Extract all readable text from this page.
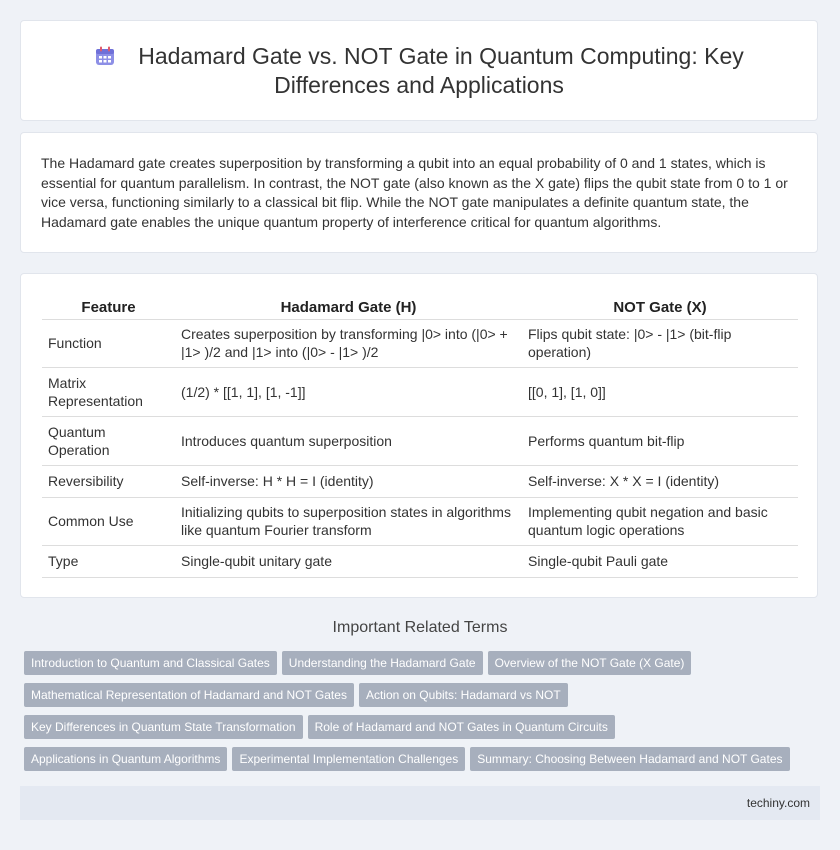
Hadamard Gate vs. NOT Gate in Quantum Computing: Key Differences and Applications

The Hadamard gate creates superposition by transforming a qubit into an equal probability of 0 and 1 states, which is essential for quantum parallelism. In contrast, the NOT gate (also known as the X gate) flips the qubit state from 0 to 1 or vice versa, functioning similarly to a classical bit flip. While the NOT gate manipulates a definite quantum state, the Hadamard gate enables the unique quantum property of interference critical for quantum algorithms.

Feature	Hadamard Gate (H)	NOT Gate (X)
Function	Creates superposition by transforming |0> into (|0> + |1> )/2 and |1> into (|0> - |1> )/2	Flips qubit state: |0> - |1> (bit-flip operation)
Matrix Representation	(1/2) * [[1, 1], [1, -1]]	[[0, 1], [1, 0]]
Quantum Operation	Introduces quantum superposition	Performs quantum bit-flip
Reversibility	Self-inverse: H * H = I (identity)	Self-inverse: X * X = I (identity)
Common Use	Initializing qubits to superposition states in algorithms like quantum Fourier transform	Implementing qubit negation and basic quantum logic operations
Type	Single-qubit unitary gate	Single-qubit Pauli gate
Important Related Terms
Introduction to Quantum and Classical Gates Understanding the Hadamard Gate Overview of the NOT Gate (X Gate)
Mathematical Representation of Hadamard and NOT Gates Action on Qubits: Hadamard vs NOT
Key Differences in Quantum State Transformation Role of Hadamard and NOT Gates in Quantum Circuits
Applications in Quantum Algorithms Experimental Implementation Challenges Summary: Choosing Between Hadamard and NOT Gates
techiny.com
